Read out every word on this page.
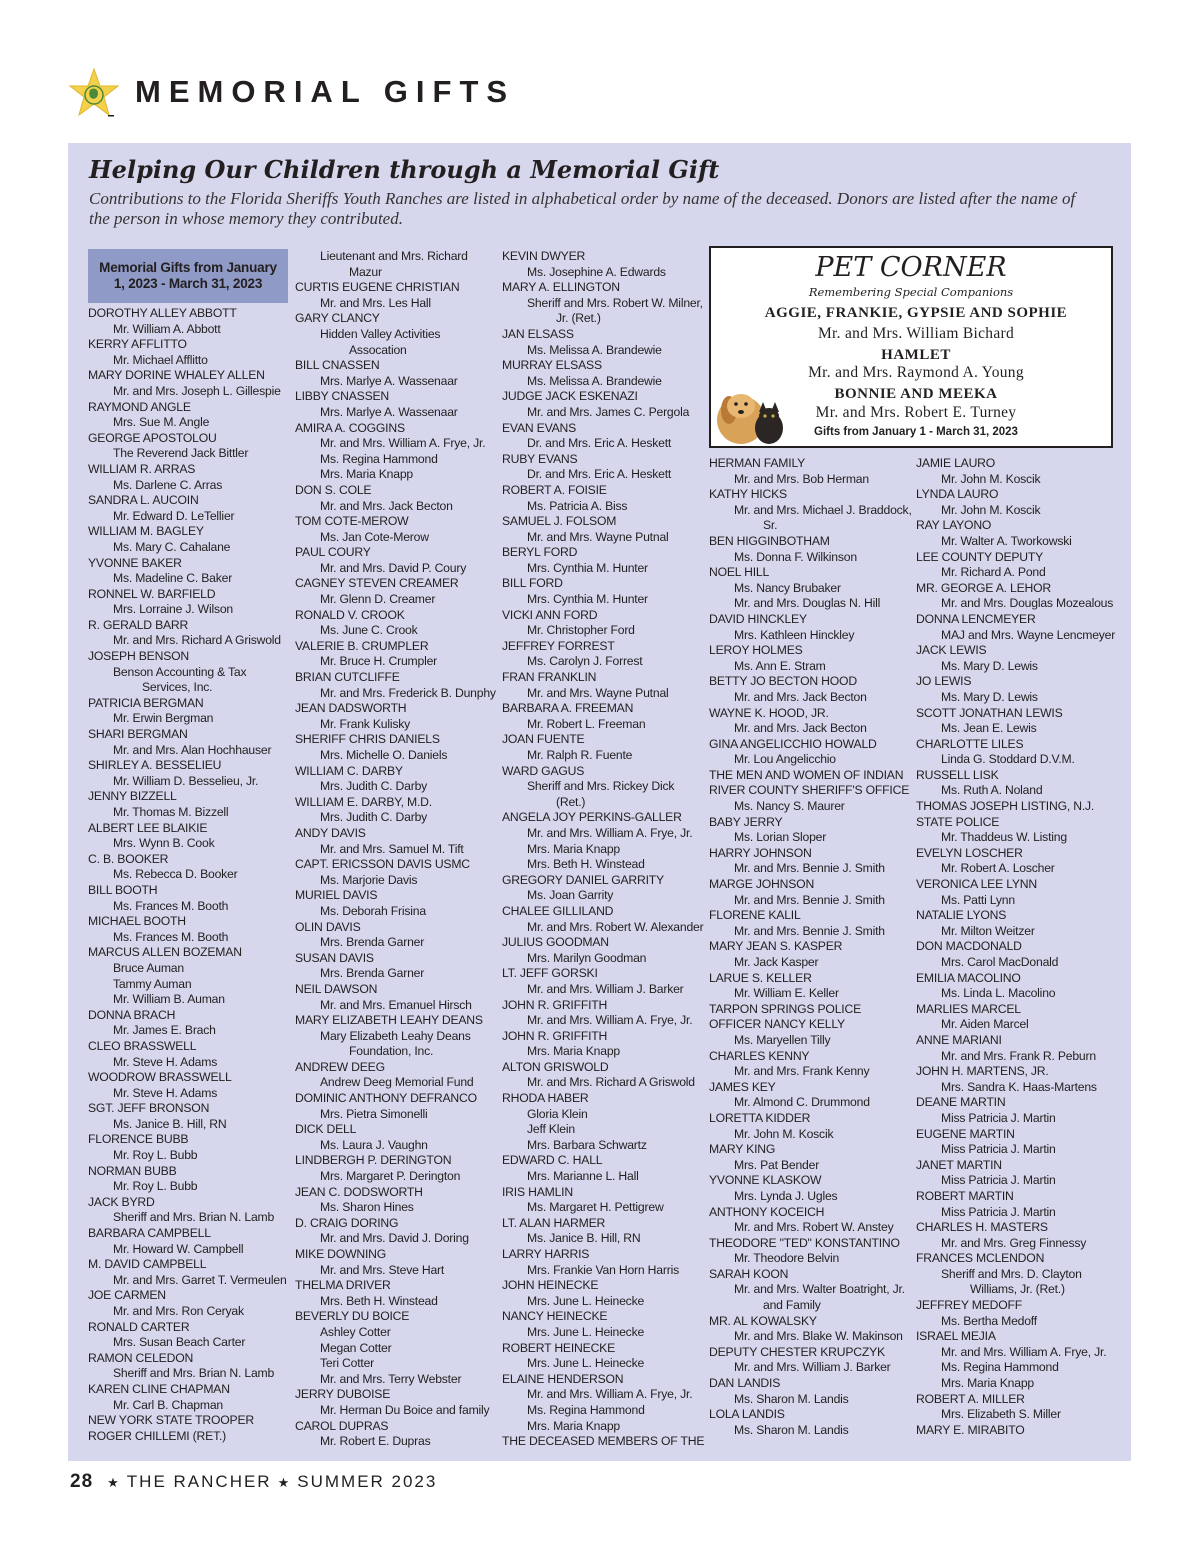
MEMORIAL GIFTS
Helping Our Children through a Memorial Gift
Contributions to the Florida Sheriffs Youth Ranches are listed in alphabetical order by name of the deceased. Donors are listed after the name of the person in whose memory they contributed.
Memorial Gifts from January 1, 2023 - March 31, 2023
DOROTHY ALLEY ABBOTT
Mr. William A. Abbott
KERRY AFFLITTO
Mr. Michael Afflitto
MARY DORINE WHALEY ALLEN
Mr. and Mrs. Joseph L. Gillespie
RAYMOND ANGLE
Mrs. Sue M. Angle
GEORGE APOSTOLOU
The Reverend Jack Bittler
WILLIAM R. ARRAS
Ms. Darlene C. Arras
SANDRA L. AUCOIN
Mr. Edward D. LeTellier
WILLIAM M. BAGLEY
Ms. Mary C. Cahalane
YVONNE BAKER
Ms. Madeline C. Baker
RONNEL W. BARFIELD
Mrs. Lorraine J. Wilson
R. GERALD BARR
Mr. and Mrs. Richard A Griswold
JOSEPH BENSON
Benson Accounting & Tax
Services, Inc.
PATRICIA BERGMAN
Mr. Erwin Bergman
SHARI BERGMAN
Mr. and Mrs. Alan Hochhauser
SHIRLEY A. BESSELIEU
Mr. William D. Besselieu, Jr.
JENNY BIZZELL
Mr. Thomas M. Bizzell
ALBERT LEE BLAIKIE
Mrs. Wynn B. Cook
C. B. BOOKER
Ms. Rebecca D. Booker
BILL BOOTH
Ms. Frances M. Booth
MICHAEL BOOTH
Ms. Frances M. Booth
MARCUS ALLEN BOZEMAN
Bruce Auman
Tammy Auman
Mr. William B. Auman
DONNA BRACH
Mr. James E. Brach
CLEO BRASSWELL
Mr. Steve H. Adams
WOODROW BRASSWELL
Mr. Steve H. Adams
SGT. JEFF BRONSON
Ms. Janice B. Hill, RN
FLORENCE BUBB
Mr. Roy L. Bubb
NORMAN BUBB
Mr. Roy L. Bubb
JACK BYRD
Sheriff and Mrs. Brian N. Lamb
BARBARA CAMPBELL
Mr. Howard W. Campbell
M. DAVID CAMPBELL
Mr. and Mrs. Garret T. Vermeulen
JOE CARMEN
Mr. and Mrs. Ron Ceryak
RONALD CARTER
Mrs. Susan Beach Carter
RAMON CELEDON
Sheriff and Mrs. Brian N. Lamb
KAREN CLINE CHAPMAN
Mr. Carl B. Chapman
NEW YORK STATE TROOPER
ROGER CHILLEMI (RET.)
Lieutenant and Mrs. Richard
Mazur
CURTIS EUGENE CHRISTIAN
Mr. and Mrs. Les Hall
GARY CLANCY
Hidden Valley Activities
Assocation
BILL CNASSEN
Mrs. Marlye A. Wassenaar
LIBBY CNASSEN
Mrs. Marlye A. Wassenaar
AMIRA A. COGGINS
Mr. and Mrs. William A. Frye, Jr.
Ms. Regina Hammond
Mrs. Maria Knapp
DON S. COLE
Mr. and Mrs. Jack Becton
TOM COTE-MEROW
Ms. Jan Cote-Merow
PAUL COURY
Mr. and Mrs. David P. Coury
CAGNEY STEVEN CREAMER
Mr. Glenn D. Creamer
RONALD V. CROOK
Ms. June C. Crook
VALERIE B. CRUMPLER
Mr. Bruce H. Crumpler
BRIAN CUTCLIFFE
Mr. and Mrs. Frederick B. Dunphy
JEAN DADSWORTH
Mr. Frank Kulisky
SHERIFF CHRIS DANIELS
Mrs. Michelle O. Daniels
WILLIAM C. DARBY
Mrs. Judith C. Darby
WILLIAM E. DARBY, M.D.
Mrs. Judith C. Darby
ANDY DAVIS
Mr. and Mrs. Samuel M. Tift
CAPT. ERICSSON DAVIS USMC
Ms. Marjorie Davis
MURIEL DAVIS
Ms. Deborah Frisina
OLIN DAVIS
Mrs. Brenda Garner
SUSAN DAVIS
Mrs. Brenda Garner
NEIL DAWSON
Mr. and Mrs. Emanuel Hirsch
MARY ELIZABETH LEAHY DEANS
Mary Elizabeth Leahy Deans
Foundation, Inc.
ANDREW DEEG
Andrew Deeg Memorial Fund
DOMINIC ANTHONY DEFRANCO
Mrs. Pietra Simonelli
DICK DELL
Ms. Laura J. Vaughn
LINDBERGH P. DERINGTON
Mrs. Margaret P. Derington
JEAN C. DODSWORTH
Ms. Sharon Hines
D. CRAIG DORING
Mr. and Mrs. David J. Doring
MIKE DOWNING
Mr. and Mrs. Steve Hart
THELMA DRIVER
Mrs. Beth H. Winstead
BEVERLY DU BOICE
Ashley Cotter
Megan Cotter
Teri Cotter
Mr. and Mrs. Terry Webster
JERRY DUBOISE
Mr. Herman Du Boice and family
CAROL DUPRAS
Mr. Robert E. Dupras
KEVIN DWYER
Ms. Josephine A. Edwards
MARY A. ELLINGTON
Sheriff and Mrs. Robert W. Milner,
Jr. (Ret.)
JAN ELSASS
Ms. Melissa A. Brandewie
MURRAY ELSASS
Ms. Melissa A. Brandewie
JUDGE JACK ESKENAZI
Mr. and Mrs. James C. Pergola
EVAN EVANS
Dr. and Mrs. Eric A. Heskett
RUBY EVANS
Dr. and Mrs. Eric A. Heskett
ROBERT A. FOISIE
Ms. Patricia A. Biss
SAMUEL J. FOLSOM
Mr. and Mrs. Wayne Putnal
BERYL FORD
Mrs. Cynthia M. Hunter
BILL FORD
Mrs. Cynthia M. Hunter
VICKI ANN FORD
Mr. Christopher Ford
JEFFREY FORREST
Ms. Carolyn J. Forrest
FRAN FRANKLIN
Mr. and Mrs. Wayne Putnal
BARBARA A. FREEMAN
Mr. Robert L. Freeman
JOAN FUENTE
Mr. Ralph R. Fuente
WARD GAGUS
Sheriff and Mrs. Rickey Dick
(Ret.)
ANGELA JOY PERKINS-GALLER
Mr. and Mrs. William A. Frye, Jr.
Mrs. Maria Knapp
Mrs. Beth H. Winstead
GREGORY DANIEL GARRITY
Ms. Joan Garrity
CHALEE GILLILAND
Mr. and Mrs. Robert W. Alexander
JULIUS GOODMAN
Mrs. Marilyn Goodman
LT. JEFF GORSKI
Mr. and Mrs. William J. Barker
JOHN R. GRIFFITH
Mr. and Mrs. William A. Frye, Jr.
JOHN R. GRIFFITH
Mrs. Maria Knapp
ALTON GRISWOLD
Mr. and Mrs. Richard A Griswold
RHODA HABER
Gloria Klein
Jeff Klein
Mrs. Barbara Schwartz
EDWARD C. HALL
Mrs. Marianne L. Hall
IRIS HAMLIN
Ms. Margaret H. Pettigrew
LT. ALAN HARMER
Ms. Janice B. Hill, RN
LARRY HARRIS
Mrs. Frankie Van Horn Harris
JOHN HEINECKE
Mrs. June L. Heinecke
NANCY HEINECKE
Mrs. June L. Heinecke
ROBERT HEINECKE
Mrs. June L. Heinecke
ELAINE HENDERSON
Mr. and Mrs. William A. Frye, Jr.
Ms. Regina Hammond
Mrs. Maria Knapp
THE DECEASED MEMBERS OF THE
PET CORNER
Remembering Special Companions
AGGIE, FRANKIE, GYPSIE AND SOPHIE
Mr. and Mrs. William Bichard
HAMLET
Mr. and Mrs. Raymond A. Young
BONNIE AND MEEKA
Mr. and Mrs. Robert E. Turney
Gifts from January 1 - March 31, 2023
HERMAN FAMILY
Mr. and Mrs. Bob Herman
KATHY HICKS
Mr. and Mrs. Michael J. Braddock,
Sr.
BEN HIGGINBOTHAM
Ms. Donna F. Wilkinson
NOEL HILL
Ms. Nancy Brubaker
Mr. and Mrs. Douglas N. Hill
DAVID HINCKLEY
Mrs. Kathleen Hinckley
LEROY HOLMES
Ms. Ann E. Stram
BETTY JO BECTON HOOD
Mr. and Mrs. Jack Becton
WAYNE K. HOOD, JR.
Mr. and Mrs. Jack Becton
GINA ANGELICCHIO HOWALD
Mr. Lou Angelicchio
THE MEN AND WOMEN OF INDIAN
RIVER COUNTY SHERIFF'S OFFICE
Ms. Nancy S. Maurer
BABY JERRY
Ms. Lorian Sloper
HARRY JOHNSON
Mr. and Mrs. Bennie J. Smith
MARGE JOHNSON
Mr. and Mrs. Bennie J. Smith
FLORENE KALIL
Mr. and Mrs. Bennie J. Smith
MARY JEAN S. KASPER
Mr. Jack Kasper
LARUE S. KELLER
Mr. William E. Keller
TARPON SPRINGS POLICE
OFFICER NANCY KELLY
Ms. Maryellen Tilly
CHARLES KENNY
Mr. and Mrs. Frank Kenny
JAMES KEY
Mr. Almond C. Drummond
LORETTA KIDDER
Mr. John M. Koscik
MARY KING
Mrs. Pat Bender
YVONNE KLASKOW
Mrs. Lynda J. Ugles
ANTHONY KOCEICH
Mr. and Mrs. Robert W. Anstey
THEODORE "TED" KONSTANTINO
Mr. Theodore Belvin
SARAH KOON
Mr. and Mrs. Walter Boatright, Jr.
and Family
MR. AL KOWALSKY
Mr. and Mrs. Blake W. Makinson
DEPUTY CHESTER KRUPCZYK
Mr. and Mrs. William J. Barker
DAN LANDIS
Ms. Sharon M. Landis
LOLA LANDIS
Ms. Sharon M. Landis
JAMIE LAURO
Mr. John M. Koscik
LYNDA LAURO
Mr. John M. Koscik
RAY LAYONO
Mr. Walter A. Tworkowski
LEE COUNTY DEPUTY
Mr. Richard A. Pond
MR. GEORGE A. LEHOR
Mr. and Mrs. Douglas Mozealous
DONNA LENCMEYER
MAJ and Mrs. Wayne Lencmeyer
JACK LEWIS
Ms. Mary D. Lewis
JO LEWIS
Ms. Mary D. Lewis
SCOTT JONATHAN LEWIS
Ms. Jean E. Lewis
CHARLOTTE LILES
Linda G. Stoddard D.V.M.
RUSSELL LISK
Ms. Ruth A. Noland
THOMAS JOSEPH LISTING, N.J.
STATE POLICE
Mr. Thaddeus W. Listing
EVELYN LOSCHER
Mr. Robert A. Loscher
VERONICA LEE LYNN
Ms. Patti Lynn
NATALIE LYONS
Mr. Milton Weitzer
DON MACDONALD
Mrs. Carol MacDonald
EMILIA MACOLINO
Ms. Linda L. Macolino
MARLIES MARCEL
Mr. Aiden Marcel
ANNE MARIANI
Mr. and Mrs. Frank R. Peburn
JOHN H. MARTENS, JR.
Mrs. Sandra K. Haas-Martens
DEANE MARTIN
Miss Patricia J. Martin
EUGENE MARTIN
Miss Patricia J. Martin
JANET MARTIN
Miss Patricia J. Martin
ROBERT MARTIN
Miss Patricia J. Martin
CHARLES H. MASTERS
Mr. and Mrs. Greg Finnessy
FRANCES MCLENDON
Sheriff and Mrs. D. Clayton
Williams, Jr. (Ret.)
JEFFREY MEDOFF
Ms. Bertha Medoff
ISRAEL MEJIA
Mr. and Mrs. William A. Frye, Jr.
Ms. Regina Hammond
Mrs. Maria Knapp
ROBERT A. MILLER
Mrs. Elizabeth S. Miller
MARY E. MIRABITO
28 ★ THE RANCHER ★ SUMMER 2023
